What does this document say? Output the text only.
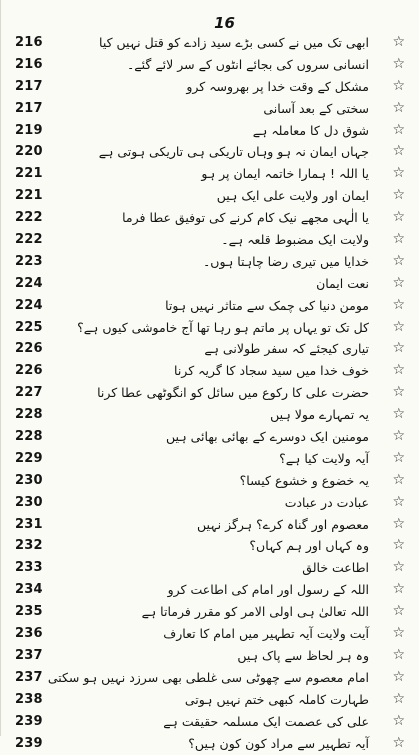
16
216	ابھی تک میں نے کسی بڑے سید زادے کو قتل نہیں کیا
☆
216	انسانی سروں کی بجائے انٹوں کے سر لائے گئے۔
☆
217	مشکل کے وقت خدا پر بھروسہ کرو
☆
217	سختی کے بعد آسانی
☆
219	شوق دل کا معاملہ ہے
☆
220	جہاں ایمان نہ ہو وہاں تاریکی ہی تاریکی ہوتی ہے
☆
221	یا اللہ ! ہمارا خاتمہ ایمان پر ہو
☆
221	ایمان اور ولایت علی ایک ہیں
☆
222	یا الٰہی مجھے نیک کام کرنے کی توفیق عطا فرما
☆
222	ولایت ایک مضبوط قلعہ ہے۔
☆
223	خدایا میں تیری رضا چاہتا ہوں۔
☆
224	نعت ایمان
☆
224	مومن دنیا کی چمک سے متاثر نہیں ہوتا
☆
225	کل تک تو یہاں پر ماتم ہو رہا تھا آج خاموشی کیوں ہے؟
☆
226	تیاری کیجئے کہ سفر طولانی ہے
☆
226	خوف خدا میں سید سجاد کا گریہ کرنا
☆
227	حضرت علی کا رکوع میں سائل کو انگوٹھی عطا کرنا
☆
228	یہ تمہارے مولا ہیں
☆
228	مومنین ایک دوسرے کے بھائی بھائی ہیں
☆
229	آیہ ولایت کیا ہے؟
☆
230	یہ خضوع و خشوع کیسا؟
☆
230	عبادت در عبادت
☆
231	معصوم اور گناہ کرے؟ ہرگز نہیں
☆
232	وہ کہاں اور ہم کہاں؟
☆
233	اطاعت خالق
☆
234	اللہ کے رسول اور امام کی اطاعت کرو
☆
235	اللہ تعالیٰ ہی اولی الامر کو مقرر فرماتا ہے
☆
236	آیت ولایت آیہ تطہیر میں امام کا تعارف
☆
237	وہ ہر لحاظ سے پاک ہیں
☆
237 امام معصوم سے چھوٹی سی غلطی بھی سرزد نہیں ہو سکتی
☆
238	طہارت کاملہ کبھی ختم نہیں ہوتی
☆
239	علی کی عصمت ایک مسلمہ حقیقت ہے
☆
239	آیہ تطہیر سے مراد کون کون ہیں؟
☆
